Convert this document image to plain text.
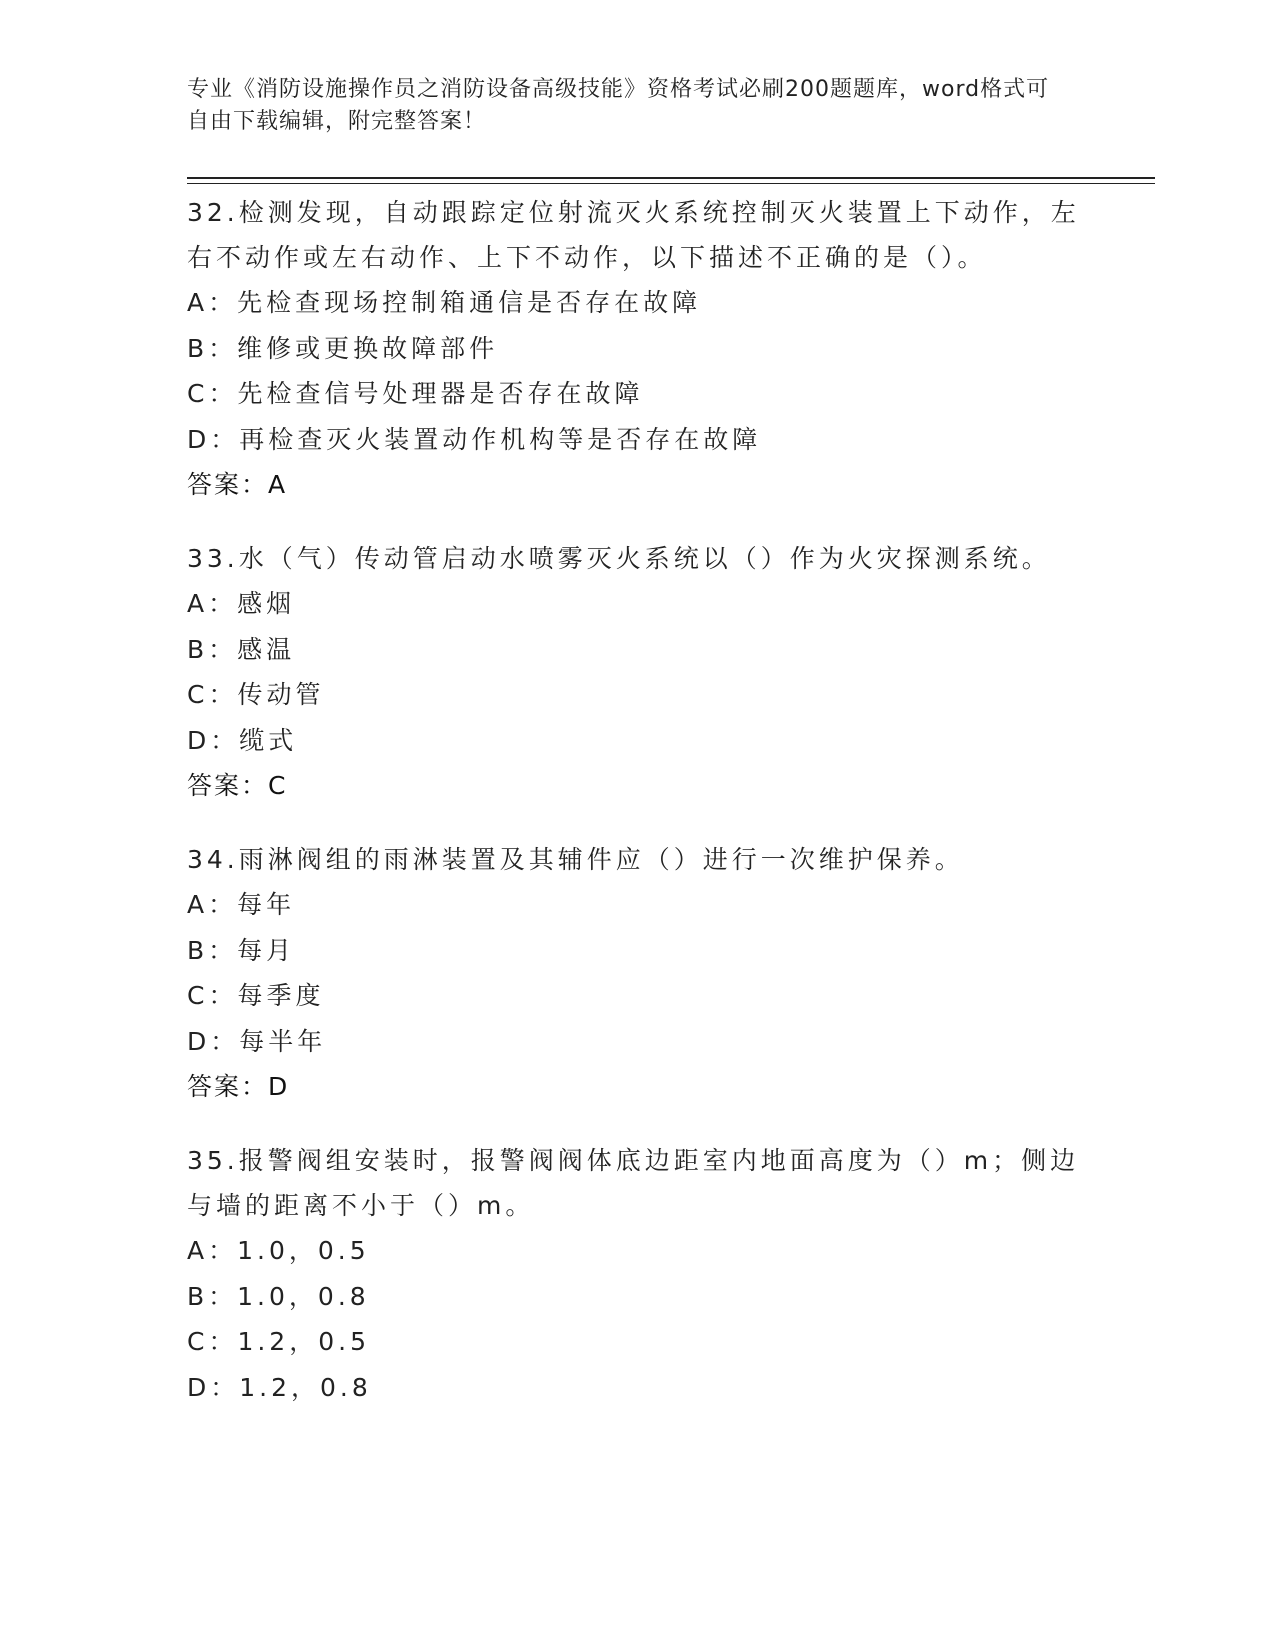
专业《消防设施操作员之消防设备高级技能》资格考试必刷200题题库，word格式可自由下载编辑，附完整答案！
32.检测发现，自动跟踪定位射流灭火系统控制灭火装置上下动作，左右不动作或左右动作、上下不动作，以下描述不正确的是（）。
A：先检查现场控制箱通信是否存在故障
B：维修或更换故障部件
C：先检查信号处理器是否存在故障
D：再检查灭火装置动作机构等是否存在故障
答案：A
33.水（气）传动管启动水喷雾灭火系统以（）作为火灾探测系统。
A：感烟
B：感温
C：传动管
D：缆式
答案：C
34.雨淋阀组的雨淋装置及其辅件应（）进行一次维护保养。
A：每年
B：每月
C：每季度
D：每半年
答案：D
35.报警阀组安装时，报警阀阀体底边距室内地面高度为（）m；侧边与墙的距离不小于（）m。
A：1.0，0.5
B：1.0，0.8
C：1.2，0.5
D：1.2，0.8
